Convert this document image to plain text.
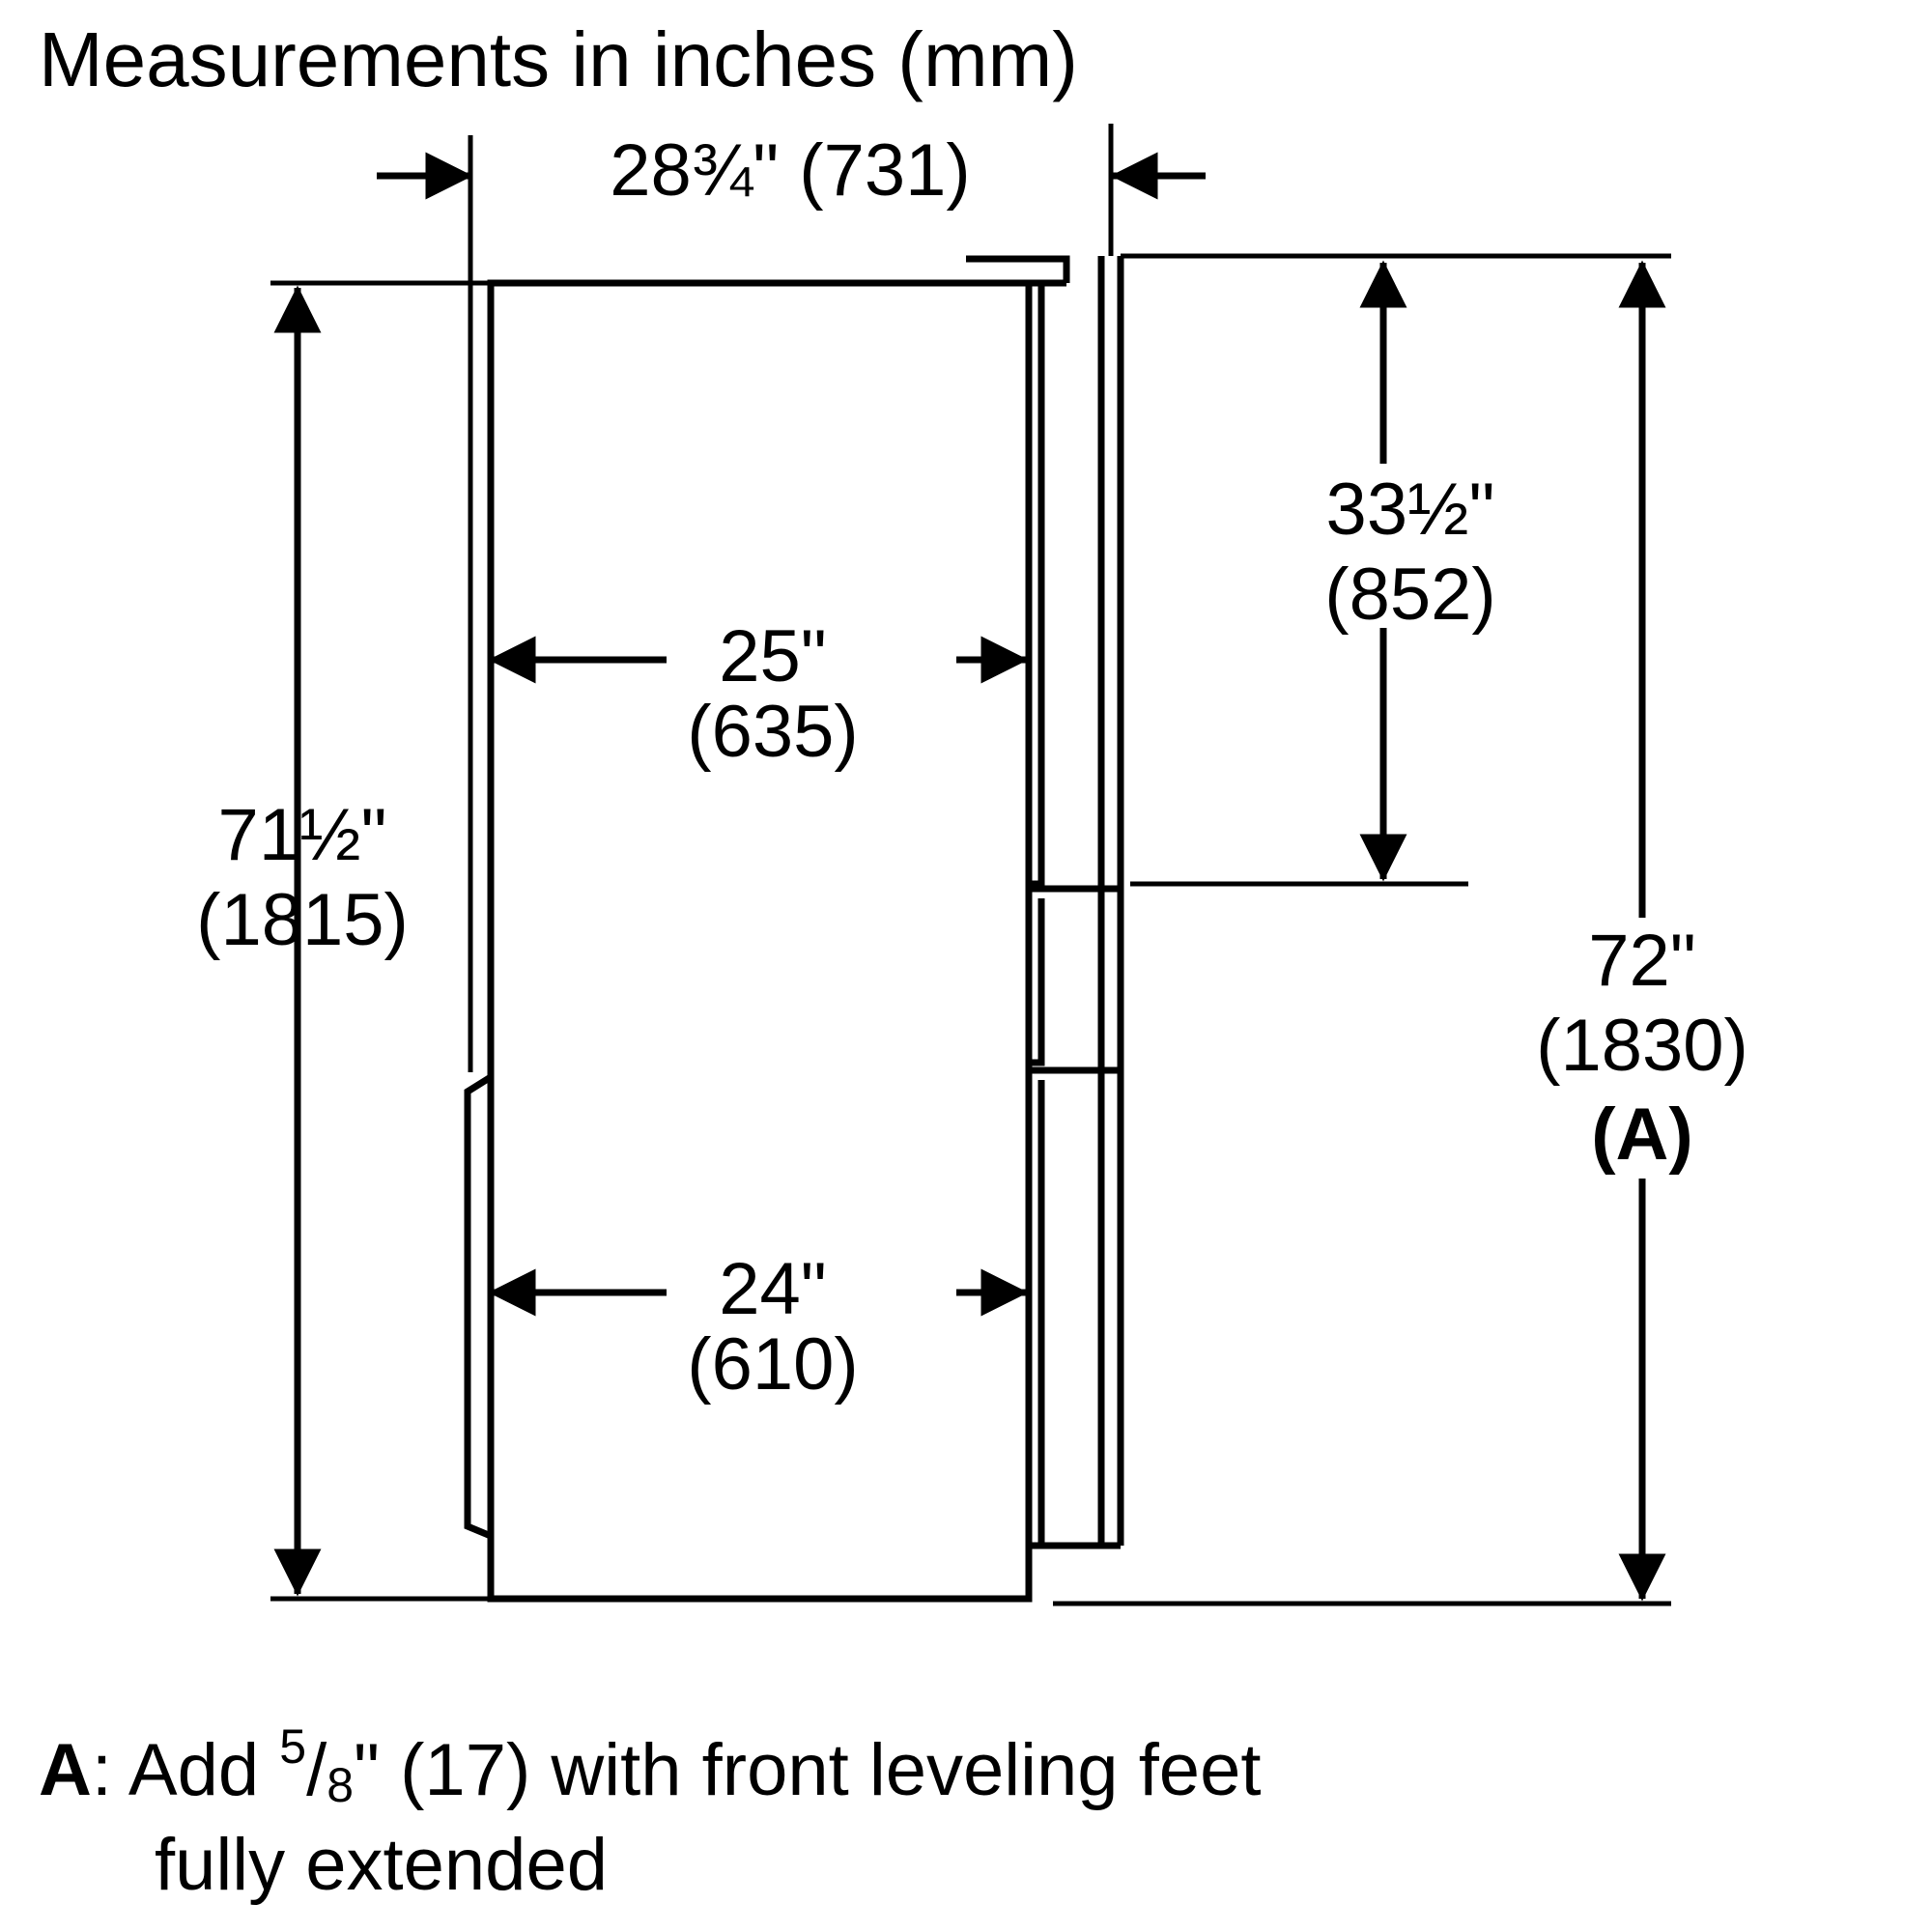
Measurements in inches (mm)
28¾" (731)
25"
(635)
24"
(610)
71½"
(1815)
33½"
(852)
72"
(1830)
(A)
A: Add $^5$/8" (17) with front leveling feet
fully extended
